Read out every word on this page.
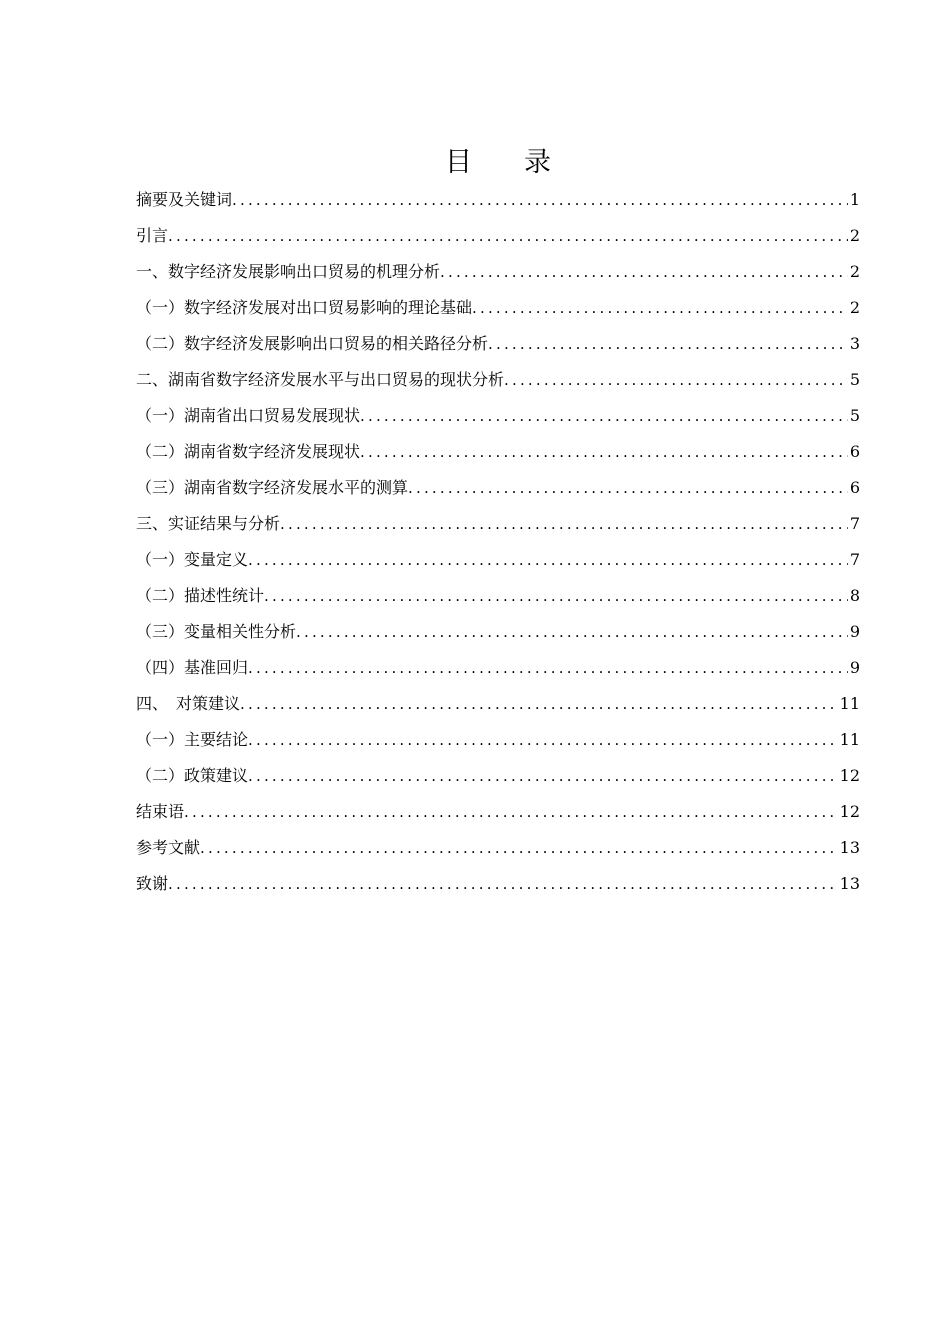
目 录
摘要及关键词 .....	1
引言 .....	2
一、数字经济发展影响出口贸易的机理分析 .....	2
（一）数字经济发展对出口贸易影响的理论基础 .....	2
（二）数字经济发展影响出口贸易的相关路径分析 .....	3
二、湖南省数字经济发展水平与出口贸易的现状分析 .....	5
（一）湖南省出口贸易发展现状 .....	5
（二）湖南省数字经济发展现状 .....	6
（三）湖南省数字经济发展水平的测算 .....	6
三、实证结果与分析 .....	7
（一）变量定义 .....	7
（二）描述性统计 .....	8
（三）变量相关性分析 .....	9
（四）基准回归 .....	9
四、　对策建议 .....	11
（一）主要结论 .....	11
（二）政策建议 .....	12
结束语 .....	12
参考文献 .....	13
致谢 .....	13
